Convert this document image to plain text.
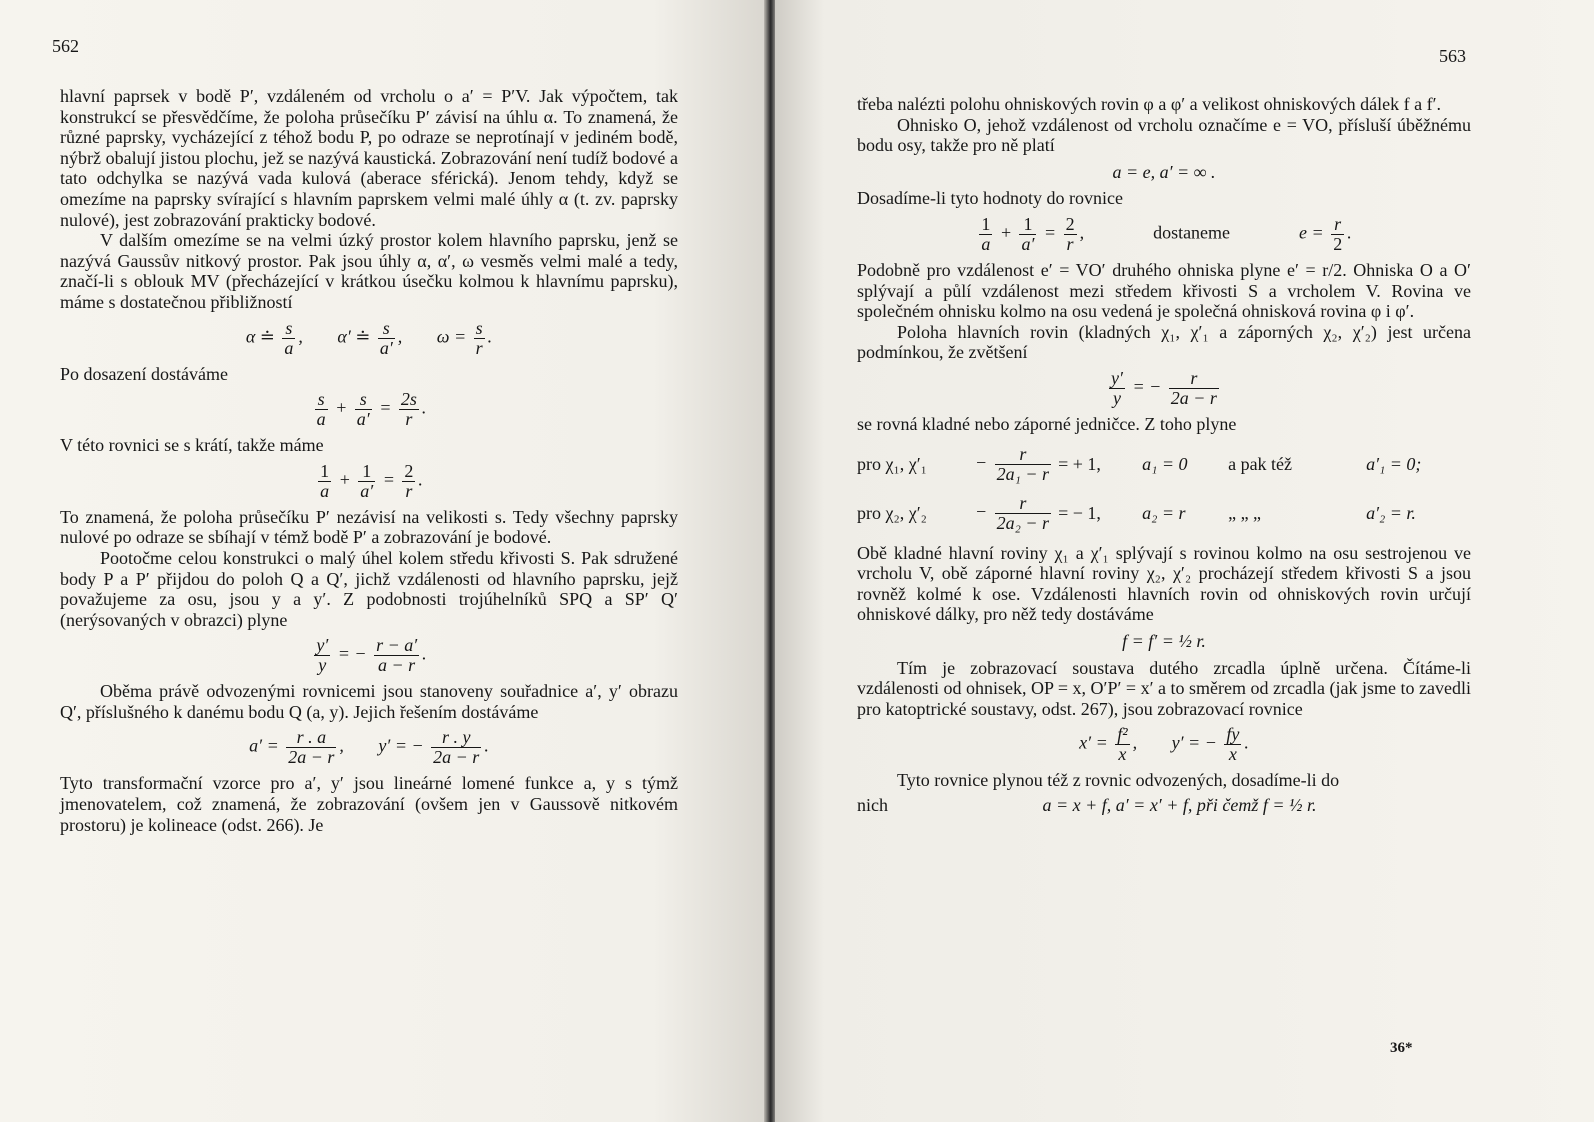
562

hlavní paprsek v bodě P′, vzdáleném od vrcholu o a′ = P′V. Jak výpočtem, tak konstrukcí se přesvědčíme, že poloha průsečíku P′ závisí na úhlu α. To znamená, že různé paprsky, vycházející z téhož bodu P, po odraze se neprotínají v jediném bodě, nýbrž obalují jistou plochu, jež se nazývá kaustická. Zobrazování není tudíž bodové a tato odchylka se nazývá vada kulová (aberace sférická). Jenom tehdy, když se omezíme na paprsky svírající s hlavním paprskem velmi malé úhly α (t. zv. paprsky nulové), jest zobrazování prakticky bodové.

V dalším omezíme se na velmi úzký prostor kolem hlavního paprsku, jenž se nazývá Gaussův nitkový prostor. Pak jsou úhly α, α′, ω vesměs velmi malé a tedy, značí-li s oblouk MV (přecházející v krátkou úsečku kolmou k hlavnímu paprsku), máme s dostatečnou přibližností

α ≐ $\frac{s}{a}$ , α′ ≐ $\frac{s}{a'}$ , $\omega = \frac{s}{r}$ .

Po dosazení dostáváme

$\frac{s}{a} + \frac{s}{a'} = \frac{2s}{r}$ .

V této rovnici se s krátí, takže máme

$\frac{1}{a} + \frac{1}{a'} = \frac{2}{r}$ .

To znamená, že poloha průsečíku P′ nezávisí na velikosti s. Tedy všechny paprsky nulové po odraze se sbíhají v témž bodě P′ a zobrazování je bodové.

Pootočme celou konstrukci o malý úhel kolem středu křivosti S. Pak sdružené body P a P′ přijdou do poloh Q a Q′, jichž vzdálenosti od hlavního paprsku, jejž považujeme za osu, jsou y a y′. Z podobnosti trojúhelníků SPQ a SP′ Q′ (nerýsovaných v obrazci) plyne

$\frac{y'}{y}$ = − $\frac{r - a'}{a - r}$ .

Oběma právě odvozenými rovnicemi jsou stanoveny souřadnice a′, y′ obrazu Q′, příslušného k danému bodu Q (a, y). Jejich řešením dostáváme

$a' = \frac{r . a}{2a - r}$ , y′ = − $\frac{r . y}{2a - r}$ .

Tyto transformační vzorce pro a′, y′ jsou lineárné lomené funkce a, y s týmž jmenovatelem, což znamená, že zobrazování (ovšem jen v Gaussově nitkovém prostoru) je kolineace (odst. 266). Je

563

třeba nalézti polohu ohniskových rovin φ a φ′ a velikost ohniskových dálek f a f′.

Ohnisko O, jehož vzdálenost od vrcholu označíme e = VO, přísluší úběžnému bodu osy, takže pro ně platí

a = e, a′ = ∞ .

Dosadíme-li tyto hodnoty do rovnice

$\frac{1}{a} + \frac{1}{a'} = \frac{2}{r}$ ,	dostaneme	$e = \frac{r}{2}$ .

Podobně pro vzdálenost e′ = VO′ druhého ohniska plyne e′ = r/2. Ohniska O a O′ splývají a půlí vzdálenost mezi středem křivosti S a vrcholem V. Rovina ve společném ohnisku kolmo na osu vedená je společná ohnisková rovina φ i φ′.

Poloha hlavních rovin (kladných χ₁, χ′₁ a záporných χ₂, χ′₂) jest určena podmínkou, že zvětšení

$\frac{y'}{y}$ = − $\frac{r}{2a - r}$

se rovná kladné nebo záporné jedničce. Z toho plyne

pro χ₁, χ′₁	− $\frac{r}{\text{2a₁ − r}}$ = + 1,	a₁ = 0	a pak též	a′₁ = 0;
pro χ₂, χ′₂	− $\frac{r}{\text{2a₂ − r}}$ = − 1,	a₂ = r	„ „ „	a′₂ = r.

Obě kladné hlavní roviny χ₁ a χ′₁ splývají s rovinou kolmo na osu sestrojenou ve vrcholu V, obě záporné hlavní roviny χ₂, χ′₂ procházejí středem křivosti S a jsou rovněž kolmé k ose. Vzdálenosti hlavních rovin od ohniskových rovin určují ohniskové dálky, pro něž tedy dostáváme

f = f′ = ½ r.

Tím je zobrazovací soustava dutého zrcadla úplně určena. Čítáme-li vzdálenosti od ohnisek, OP = x, O′P′ = x′ a to směrem od zrcadla (jak jsme to zavedli pro katoptrické soustavy, odst. 267), jsou zobrazovací rovnice

$x' = \frac{\text{f²}}{x}$ , y′ = − $\frac{fy}{x}$ .

Tyto rovnice plynou též z rovnic odvozených, dosadíme-li do

nich	a = x + f, a′ = x′ + f, při čemž f = ½ r.
36*
